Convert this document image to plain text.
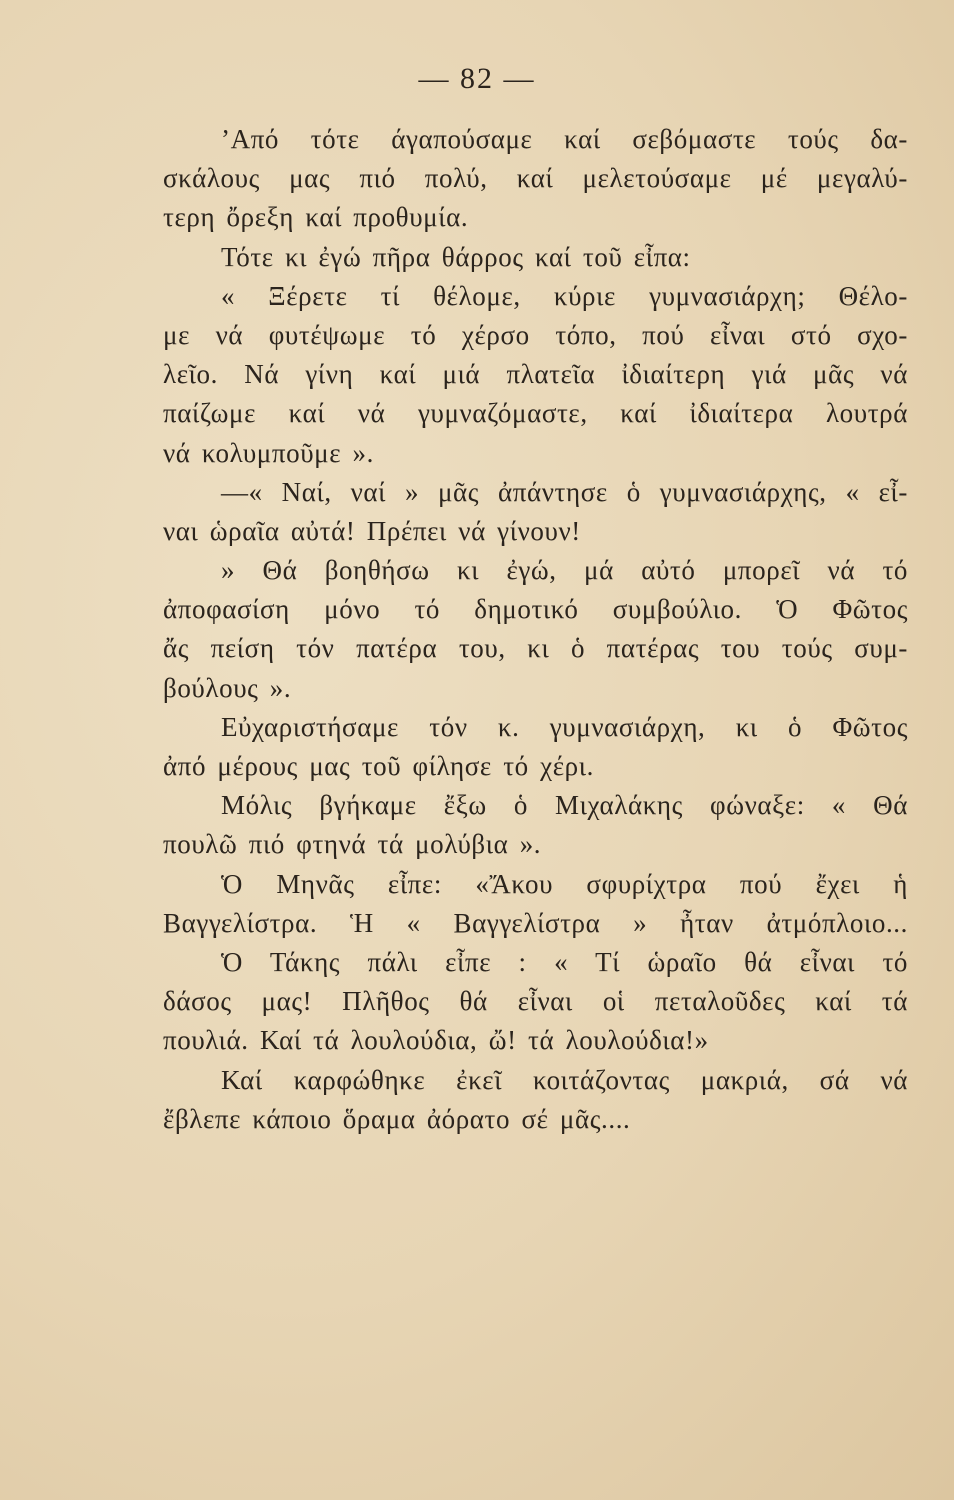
— 82 —
’Από τότε άγαπούσαμε καί σεβόμαστε τούς δα-
σκάλους μας πιό πολύ, καί μελετούσαμε μέ μεγαλύ-
τερη ὄρεξη καί προθυμία.
Τότε κι ἐγώ πῆρα θάρρος καί τοῦ εἶπα:
« Ξέρετε τί θέλομε, κύριε γυμνασιάρχη; Θέλο-
με νά φυτέψωμε τό χέρσο τόπο, πού εἶναι στό σχο-
λεῖο. Νά γίνη καί μιά πλατεῖα ἰδιαίτερη γιά μᾶς νά
παίζωμε καί νά γυμναζόμαστε, καί ἰδιαίτερα λουτρά
νά κολυμποῦμε ».
—« Ναί, ναί » μᾶς ἀπάντησε ὁ γυμνασιάρχης, « εἶ-
ναι ὡραῖα αὐτά! Πρέπει νά γίνουν!
» Θά βοηθήσω κι ἐγώ, μά αὐτό μπορεῖ νά τό
ἀποφασίση μόνο τό δημοτικό συμβούλιο. Ὁ Φῶτος
ἄς πείση τόν πατέρα του, κι ὁ πατέρας του τούς συμ-
βούλους ».
Εὐχαριστήσαμε τόν κ. γυμνασιάρχη, κι ὁ Φῶτος
ἀπό μέρους μας τοῦ φίλησε τό χέρι.
Μόλις βγήκαμε ἔξω ὁ Μιχαλάκης φώναξε: « Θά
πουλῶ πιό φτηνά τά μολύβια ».
Ὁ Μηνᾶς εἶπε: «Ἄκου σφυρίχτρα πού ἔχει ἡ
Βαγγελίστρα. Ἡ « Βαγγελίστρα » ἦταν ἀτμόπλοιο...
Ὁ Τάκης πάλι εἶπε : « Τί ὡραῖο θά εἶναι τό
δάσος μας! Πλῆθος θά εἶναι οἱ πεταλοῦδες καί τά
πουλιά. Καί τά λουλούδια, ὤ! τά λουλούδια!»
Καί καρφώθηκε ἐκεῖ κοιτάζοντας μακριά, σά νά
ἔβλεπε κάποιο ὅραμα ἀόρατο σέ μᾶς....
